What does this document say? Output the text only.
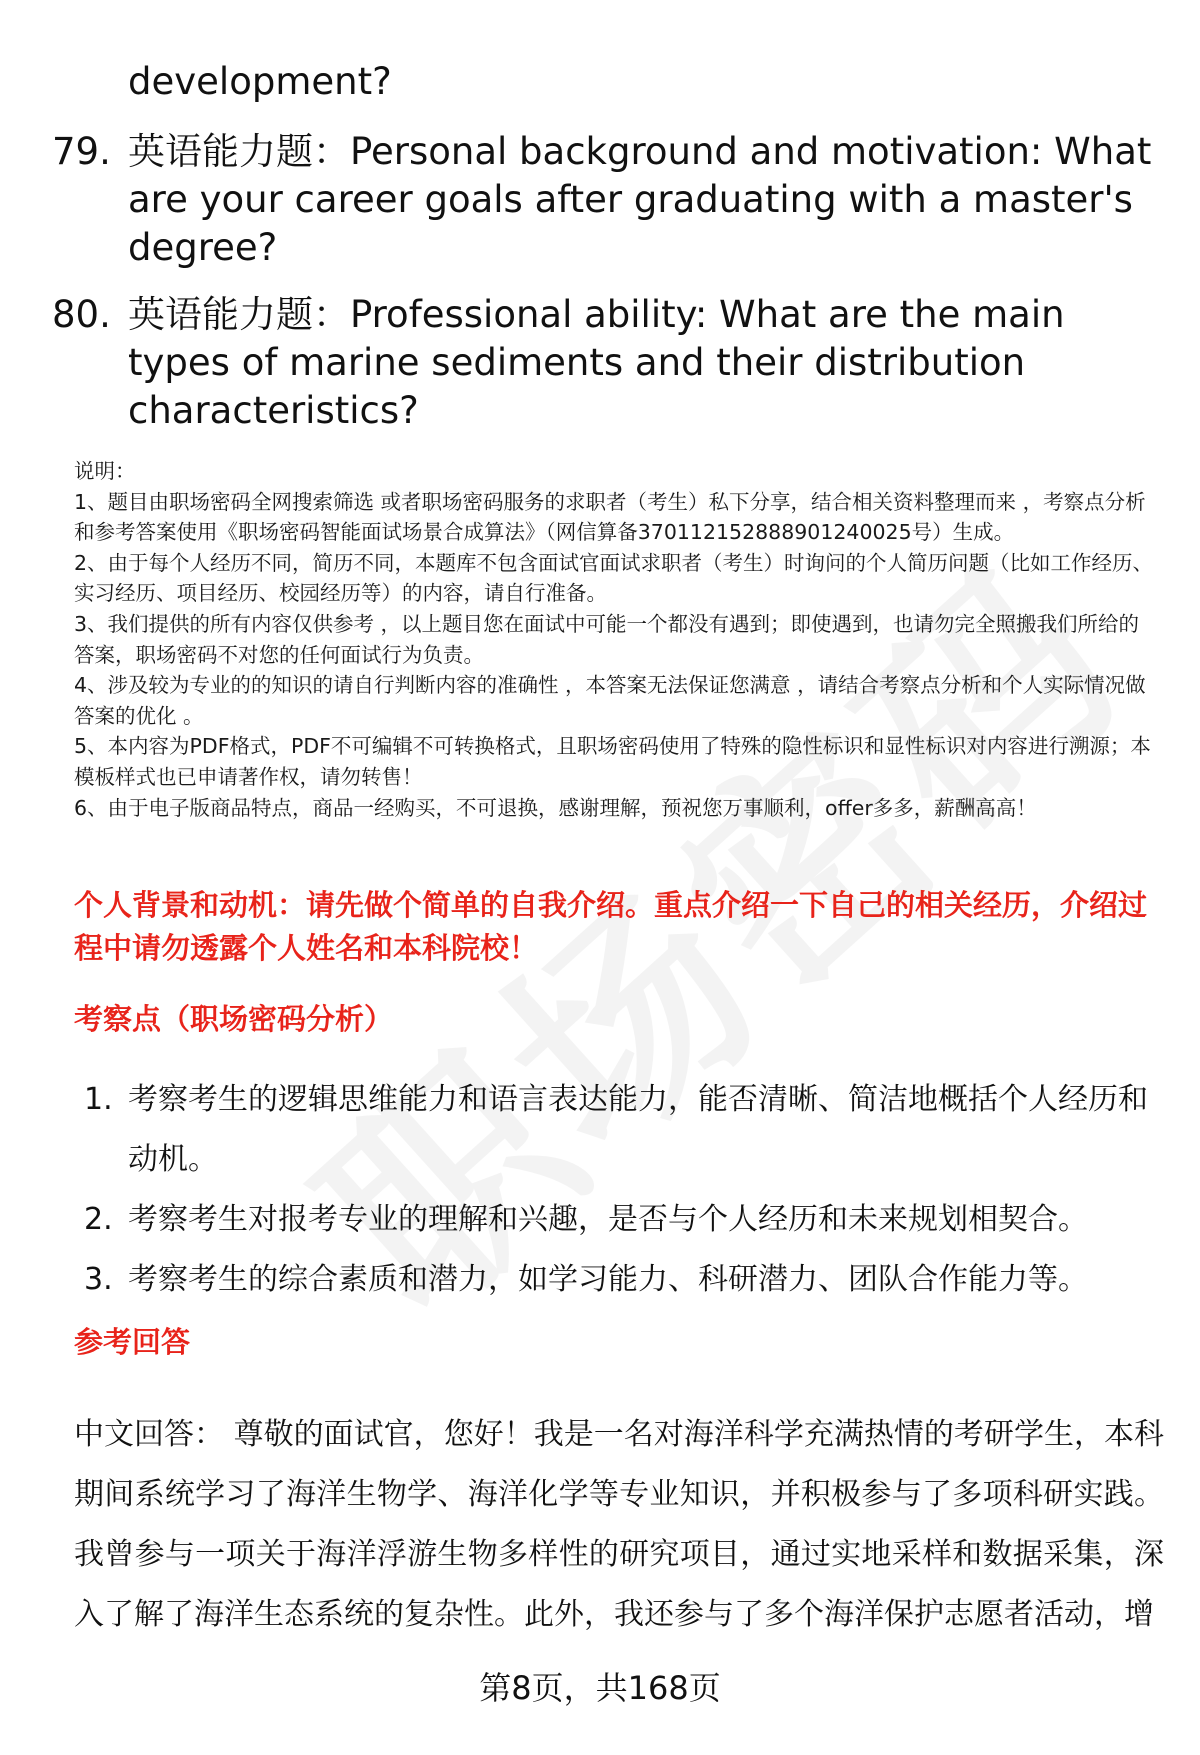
development?

79. 英语能力题：Personal background and motivation: What are your career goals after graduating with a master's degree?
80. 英语能力题：Professional ability: What are the main types of marine sediments and their distribution characteristics?

说明：

1、题目由职场密码全网搜索筛选 或者职场密码服务的求职者（考生）私下分享，结合相关资料整理而来 ，考察点分析和参考答案使用《职场密码智能面试场景合成算法》（网信算备370112152888901240025号）生成。

2、由于每个人经历不同，简历不同，本题库不包含面试官面试求职者（考生）时询问的个人简历问题（比如工作经历、实习经历、项目经历、校园经历等）的内容，请自行准备。

3、我们提供的所有内容仅供参考 ，以上题目您在面试中可能一个都没有遇到；即使遇到，也请勿完全照搬我们所给的答案，职场密码不对您的任何面试行为负责。

4、涉及较为专业的的知识的请自行判断内容的准确性 ，本答案无法保证您满意 ，请结合考察点分析和个人实际情况做答案的优化 。

5、本内容为PDF格式，PDF不可编辑不可转换格式，且职场密码使用了特殊的隐性标识和显性标识对内容进行溯源；本模板样式也已申请著作权，请勿转售！

6、由于电子版商品特点，商品一经购买，不可退换，感谢理解，预祝您万事顺利，offer多多，薪酬高高！

个人背景和动机：请先做个简单的自我介绍。重点介绍一下自己的相关经历，介绍过程中请勿透露个人姓名和本科院校！
考察点（职场密码分析）
1. 考察考生的逻辑思维能力和语言表达能力，能否清晰、简洁地概括个人经历和动机。
2. 考察考生对报考专业的理解和兴趣，是否与个人经历和未来规划相契合。
3. 考察考生的综合素质和潜力，如学习能力、科研潜力、团队合作能力等。
参考回答

中文回答： 尊敬的面试官，您好！我是一名对海洋科学充满热情的考研学生，本科期间系统学习了海洋生物学、海洋化学等专业知识，并积极参与了多项科研实践。我曾参与一项关于海洋浮游生物多样性的研究项目，通过实地采样和数据采集，深入了解了海洋生态系统的复杂性。此外，我还参与了多个海洋保护志愿者活动，增

第8页，共168页
